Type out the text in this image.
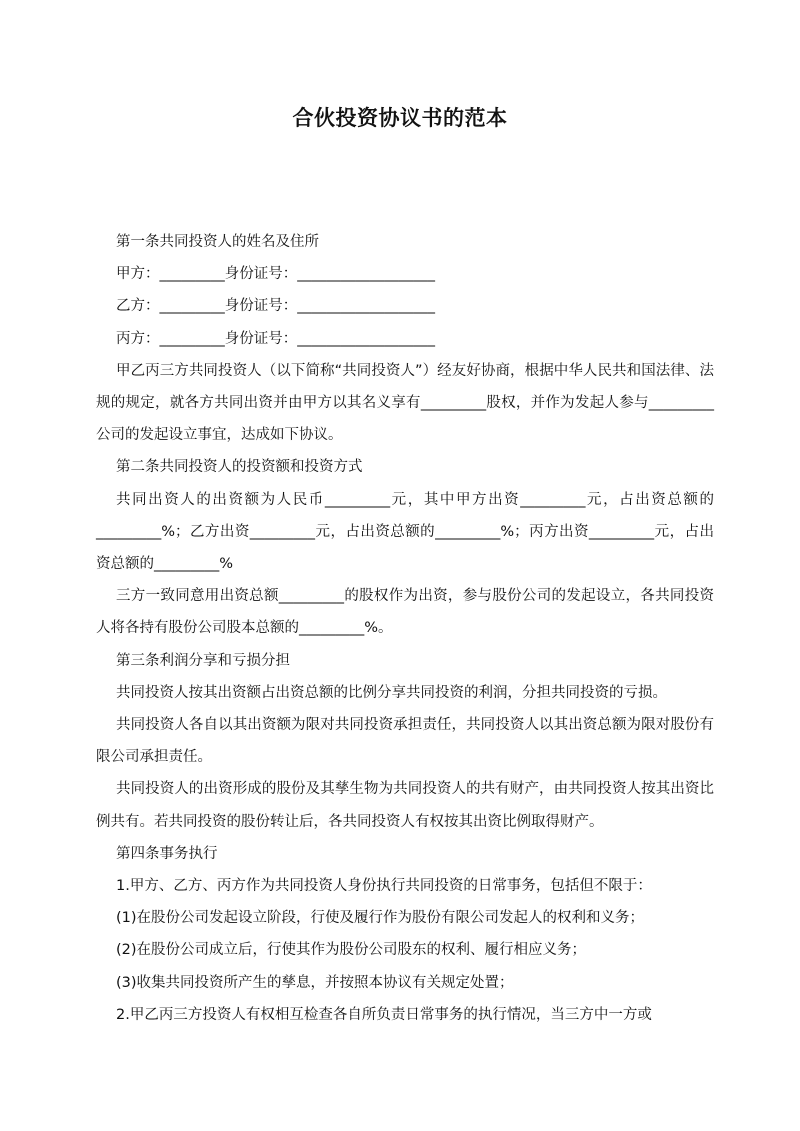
合伙投资协议书的范本

第一条共同投资人的姓名及住所

甲方：_________身份证号：___________________

乙方：_________身份证号：___________________

丙方：_________身份证号：___________________

甲乙丙三方共同投资人（以下简称“共同投资人”）经友好协商，根据中华人民共和国法律、法规的规定，就各方共同出资并由甲方以其名义享有_________股权，并作为发起人参与_________公司的发起设立事宜，达成如下协议。

第二条共同投资人的投资额和投资方式

共同出资人的出资额为人民币_________元，其中甲方出资_________元，占出资总额的_________%；乙方出资_________元，占出资总额的_________%；丙方出资_________元，占出资总额的_________%

三方一致同意用出资总额_________的股权作为出资，参与股份公司的发起设立，各共同投资人将各持有股份公司股本总额的_________%。

第三条利润分享和亏损分担

共同投资人按其出资额占出资总额的比例分享共同投资的利润，分担共同投资的亏损。

共同投资人各自以其出资额为限对共同投资承担责任，共同投资人以其出资总额为限对股份有限公司承担责任。

共同投资人的出资形成的股份及其孳生物为共同投资人的共有财产，由共同投资人按其出资比例共有。若共同投资的股份转让后，各共同投资人有权按其出资比例取得财产。

第四条事务执行

1.甲方、乙方、丙方作为共同投资人身份执行共同投资的日常事务，包括但不限于：

(1)在股份公司发起设立阶段，行使及履行作为股份有限公司发起人的权利和义务；

(2)在股份公司成立后，行使其作为股份公司股东的权利、履行相应义务；

(3)收集共同投资所产生的孳息，并按照本协议有关规定处置；

2.甲乙丙三方投资人有权相互检查各自所负责日常事务的执行情况，当三方中一方或
